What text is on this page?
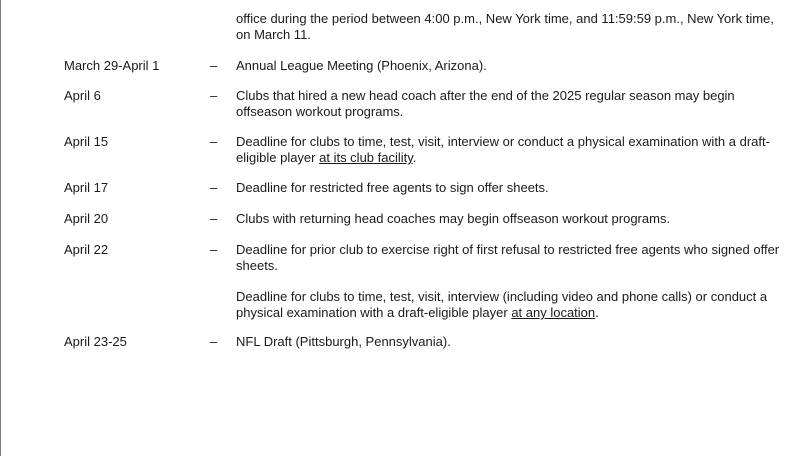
office during the period between 4:00 p.m., New York time, and 11:59:59 p.m., New York time,
on March 11.

March 29-April 1	– Annual League Meeting (Phoenix, Arizona).

April 6	– Clubs that hired a new head coach after the end of the 2025 regular season may begin
offseason workout programs.

April 15	– Deadline for clubs to time, test, visit, interview or conduct a physical examination with a draft-
eligible player at its club facility.

April 17	– Deadline for restricted free agents to sign offer sheets.

April 20	– Clubs with returning head coaches may begin offseason workout programs.

April 22	– Deadline for prior club to exercise right of first refusal to restricted free agents who signed offer
sheets.

Deadline for clubs to time, test, visit, interview (including video and phone calls) or conduct a
physical examination with a draft-eligible player at any location.

April 23-25	– NFL Draft (Pittsburgh, Pennsylvania).
